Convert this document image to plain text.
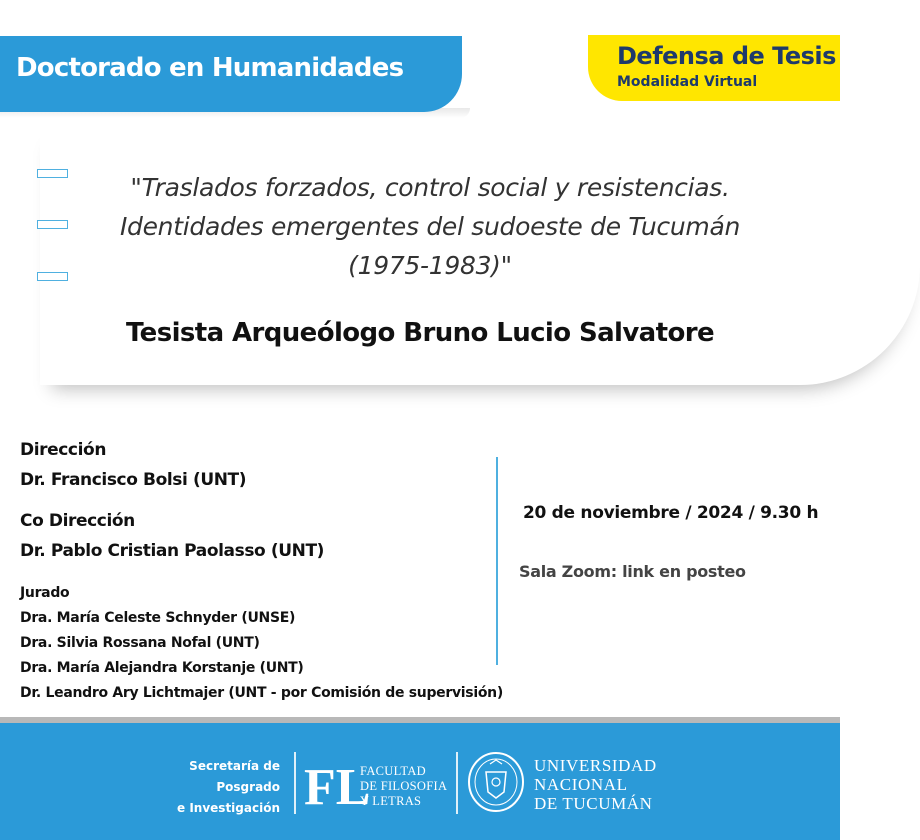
Doctorado en Humanidades	Defensa de Tesis
Modalidad Virtual
"Traslados forzados, control social y resistencias.
Identidades emergentes del sudoeste de Tucumán
(1975-1983)"
Tesista Arqueólogo Bruno Lucio Salvatore
Dirección
Dr. Francisco Bolsi (UNT)
Co Dirección
Dr. Pablo Cristian Paolasso (UNT)
Jurado
Dra. María Celeste Schnyder (UNSE)
Dra. Silvia Rossana Nofal (UNT)
Dra. María Alejandra Korstanje (UNT)
Dr. Leandro Ary Lichtmajer (UNT - por Comisión de supervisión)
20 de noviembre / 2024 / 9.30 h
Sala Zoom: link en posteo
Secretaría de
Posgrado
e Investigación FL
FACULTAD
DE FILOSOFIA
Y LETRAS
UNIVERSIDAD
NACIONAL
DE TUCUMÁN
